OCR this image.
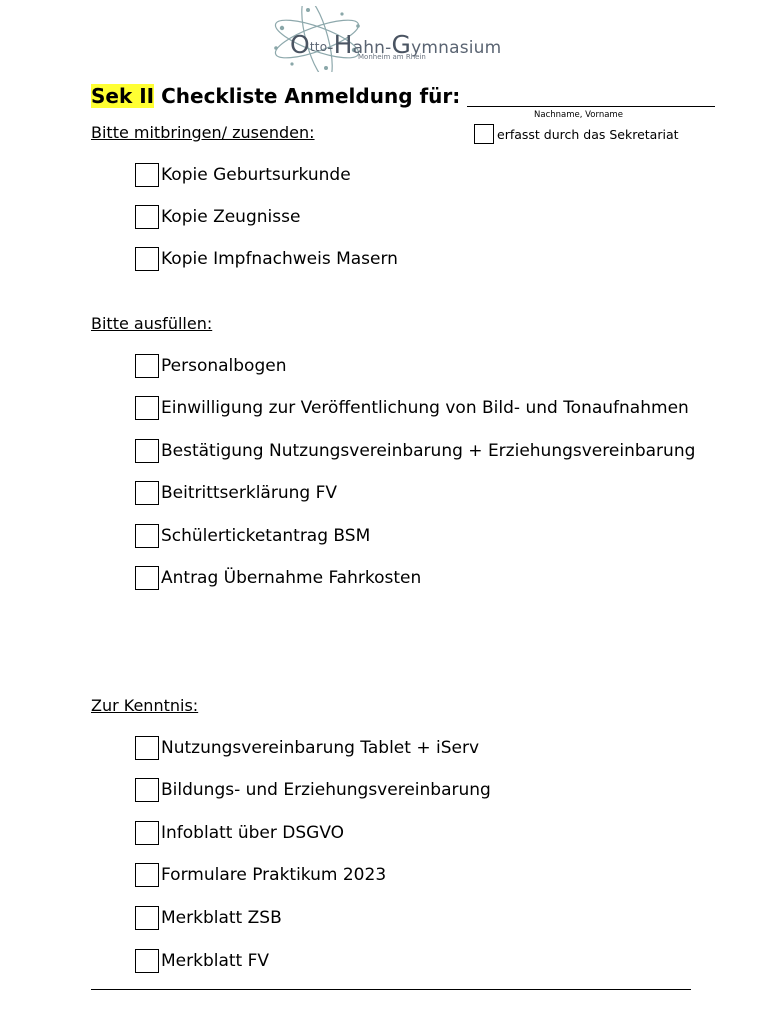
Otto-Hahn-Gymnasium
Monheim am Rhein
Sek II Checkliste Anmeldung für:
Nachname, Vorname
Bitte mitbringen/ zusenden:	erfasst durch das Sekretariat
Kopie Geburtsurkunde
Kopie Zeugnisse
Kopie Impfnachweis Masern
Bitte ausfüllen:
Personalbogen
Einwilligung zur Veröffentlichung von Bild- und Tonaufnahmen
Bestätigung Nutzungsvereinbarung + Erziehungsvereinbarung
Beitrittserklärung FV
Schülerticketantrag BSM
Antrag Übernahme Fahrkosten
Zur Kenntnis:
Nutzungsvereinbarung Tablet + iServ
Bildungs- und Erziehungsvereinbarung
Infoblatt über DSGVO
Formulare Praktikum 2023
Merkblatt ZSB
Merkblatt FV
